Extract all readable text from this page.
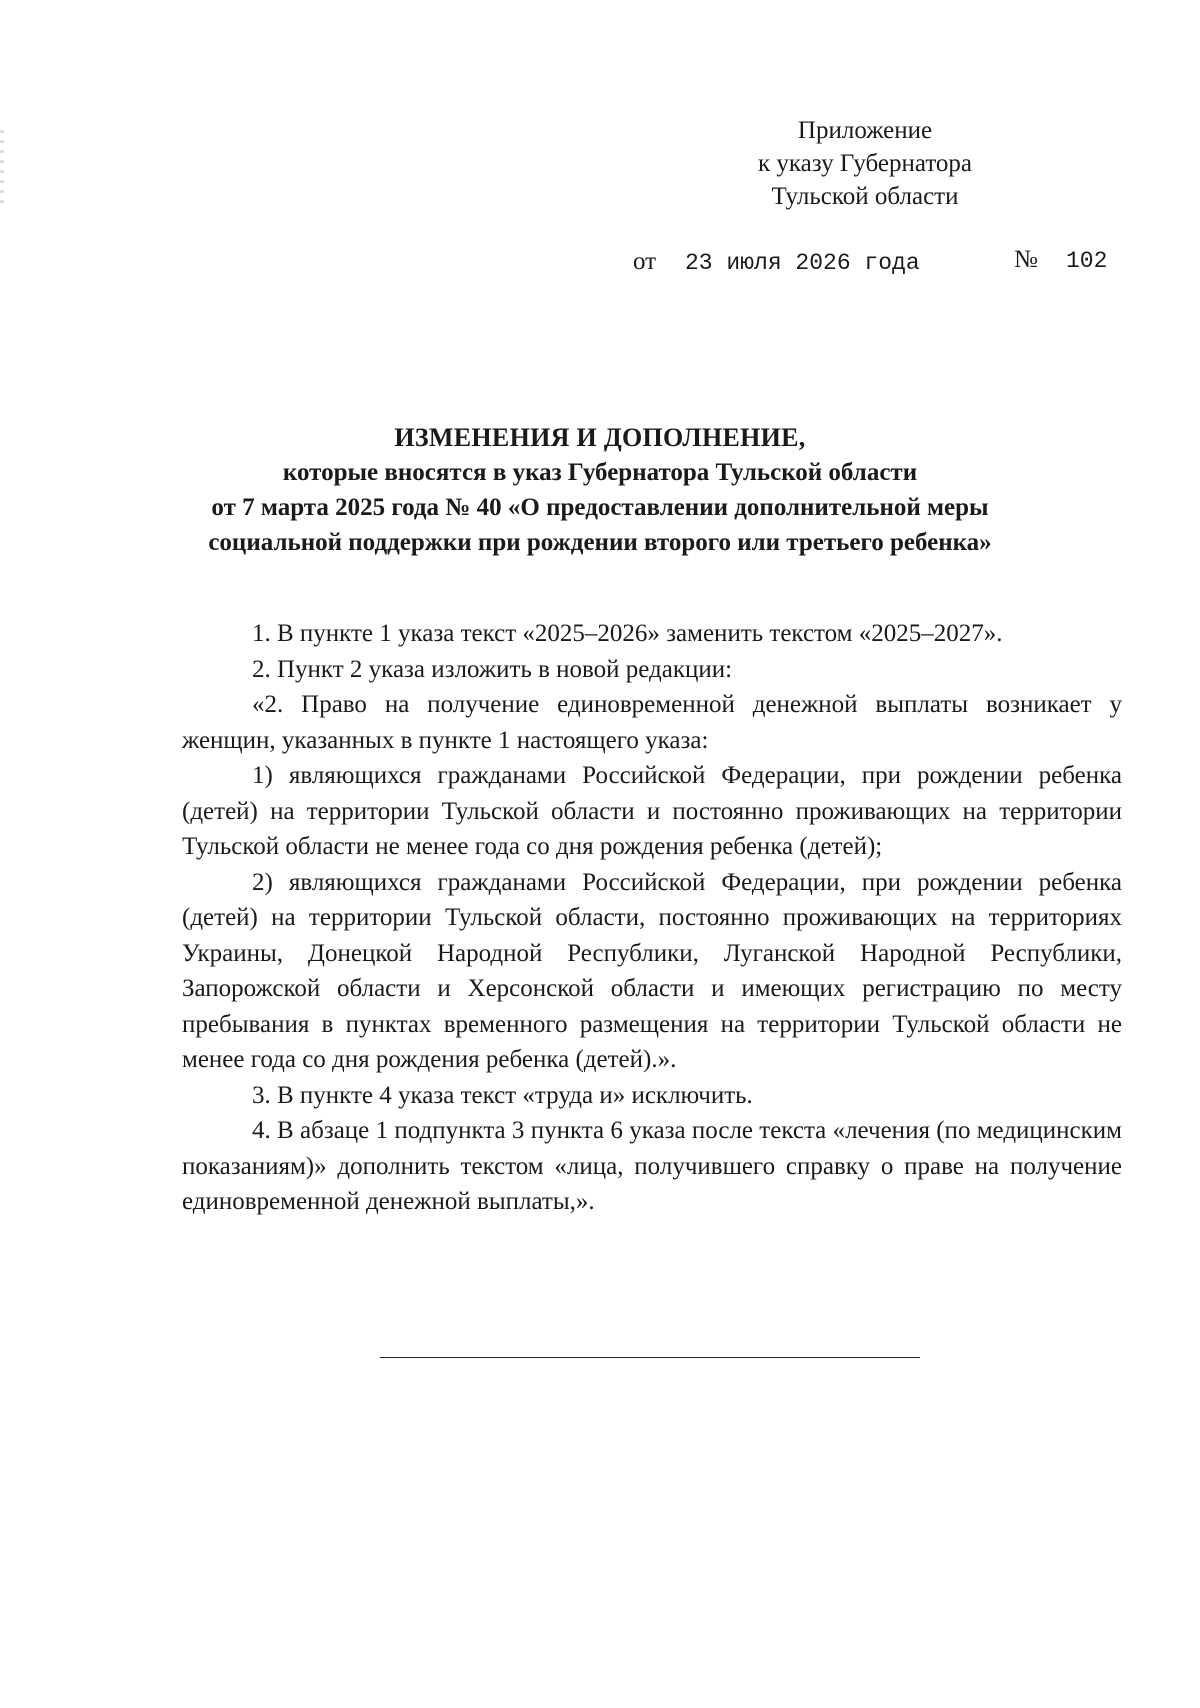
Приложение
к указу Губернатора
Тульской области
от 23 июля 2026 года	№ 102
ИЗМЕНЕНИЯ И ДОПОЛНЕНИЕ,
которые вносятся в указ Губернатора Тульской области
от 7 марта 2025 года № 40 «О предоставлении дополнительной меры
социальной поддержки при рождении второго или третьего ребенка»

1. В пункте 1 указа текст «2025–2026» заменить текстом «2025–2027».

2. Пункт 2 указа изложить в новой редакции:

«2. Право на получение единовременной денежной выплаты возникает у женщин, указанных в пункте 1 настоящего указа:

1) являющихся гражданами Российской Федерации, при рождении ребенка (детей) на территории Тульской области и постоянно проживающих на территории Тульской области не менее года со дня рождения ребенка (детей);

2) являющихся гражданами Российской Федерации, при рождении ребенка (детей) на территории Тульской области, постоянно проживающих на территориях Украины, Донецкой Народной Республики, Луганской Народной Республики, Запорожской области и Херсонской области и имеющих регистрацию по месту пребывания в пунктах временного размещения на территории Тульской области не менее года со дня рождения ребенка (детей).».

3. В пункте 4 указа текст «труда и» исключить.

4. В абзаце 1 подпункта 3 пункта 6 указа после текста «лечения (по медицинским показаниям)» дополнить текстом «лица, получившего справку о праве на получение единовременной денежной выплаты,».
